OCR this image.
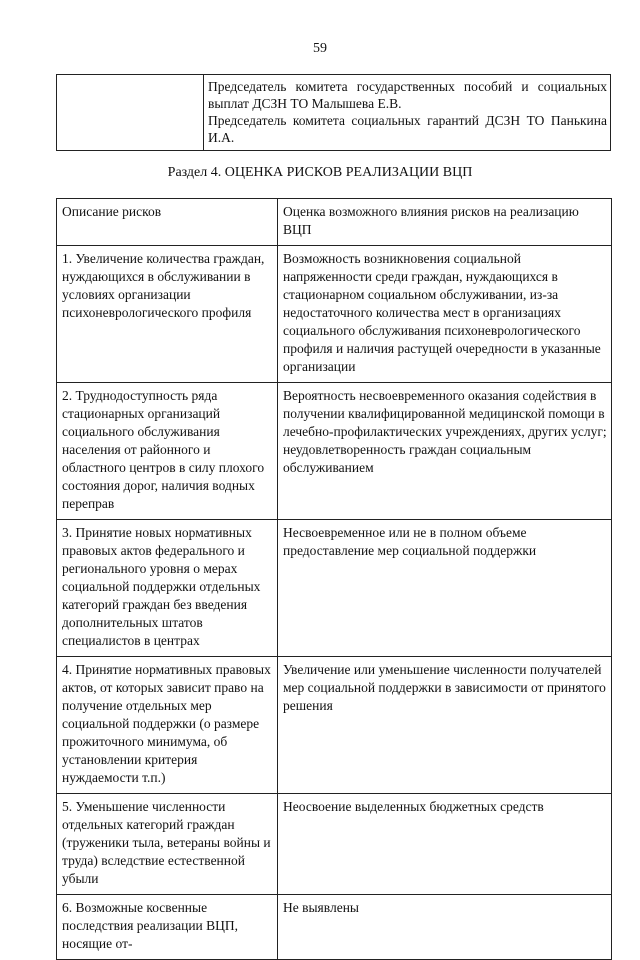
59

Председатель комитета государственных пособий и социальных выплат ДСЗН ТО Малышева Е.В.

Председатель комитета социальных гарантий ДСЗН ТО Панькина И.А.

Раздел 4. ОЦЕНКА РИСКОВ РЕАЛИЗАЦИИ ВЦП
Описание рисков	Оценка возможного влияния рисков на реализацию ВЦП
1. Увеличение количества граждан, нуждающихся в обслуживании в условиях организации психоневрологического профиля	Возможность возникновения социальной напряженности среди граждан, нуждающихся в стационарном социальном обслуживании, из-за недостаточного количества мест в организациях социального обслуживания психоневрологического профиля и наличия растущей очередности в указанные организации
2. Труднодоступность ряда стационарных организаций социального обслуживания населения от районного и областного центров в силу плохого состояния дорог, наличия водных переправ	Вероятность несвоевременного оказания содействия в получении квалифицированной медицинской помощи в лечебно-профилактических учреждениях, других услуг; неудовлетворенность граждан социальным обслуживанием
3. Принятие новых нормативных правовых актов федерального и регионального уровня о мерах социальной поддержки отдельных категорий граждан без введения дополнительных штатов специалистов в центрах	Несвоевременное или не в полном объеме предоставление мер социальной поддержки
4. Принятие нормативных правовых актов, от которых зависит право на получение отдельных мер социальной поддержки (о размере прожиточного минимума, об установлении критерия нуждаемости т.п.)	Увеличение или уменьшение численности получателей мер социальной поддержки в зависимости от принятого решения
5. Уменьшение численности отдельных категорий граждан (труженики тыла, ветераны войны и труда) вследствие естественной убыли	Неосвоение выделенных бюджетных средств
6. Возможные косвенные последствия реализации ВЦП, носящие от-	Не выявлены
